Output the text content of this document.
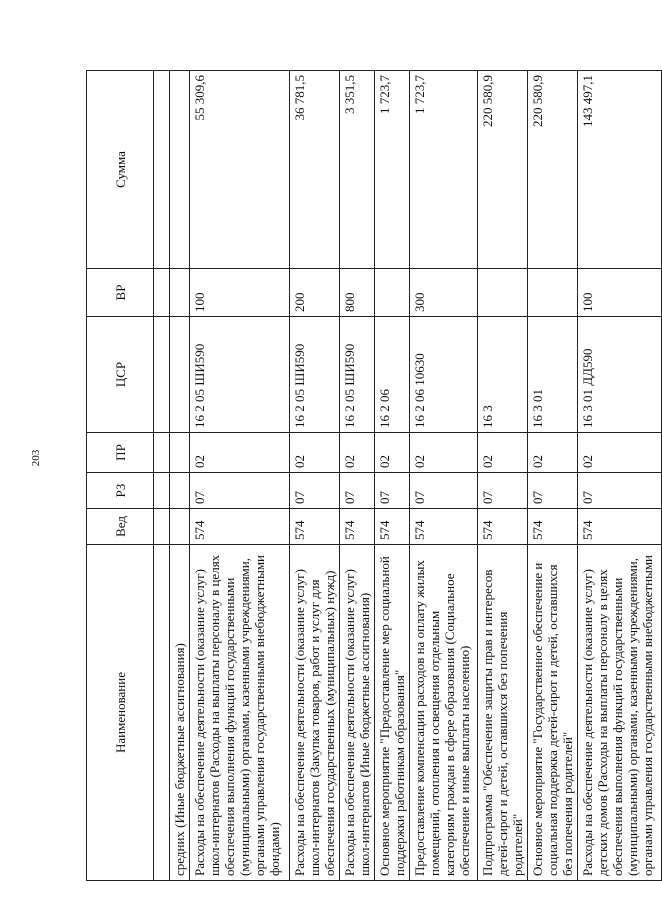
203
Наименование	Вед	РЗ	ПР	ЦСР	ВР	Сумма

средних (Иные бюджетные ассигнования)						
Расходы на обеспечение деятельности (оказание услуг) школ-интернатов (Расходы на выплаты персоналу в целях обеспечения выполнения функций государственными (муниципальными) органами, казенными учреждениями, органами управления государственными внебюджетными фондами)	574	07	02	16 2 05 ШИ590	100	55 309,6
Расходы на обеспечение деятельности (оказание услуг) школ-интернатов (Закупка товаров, работ и услуг для обеспечения государственных (муниципальных) нужд)	574	07	02	16 2 05 ШИ590	200	36 781,5
Расходы на обеспечение деятельности (оказание услуг) школ-интернатов (Иные бюджетные ассигнования)	574	07	02	16 2 05 ШИ590	800	3 351,5
Основное мероприятие "Предоставление мер социальной поддержки работникам образования"	574	07	02	16 2 06		1 723,7
Предоставление компенсации расходов на оплату жилых помещений, отопления и освещения отдельным категориям граждан в сфере образования (Социальное обеспечение и иные выплаты населению)	574	07	02	16 2 06 10630	300	1 723,7
Подпрограмма "Обеспечение защиты прав и интересов детей-сирот и детей, оставшихся без попечения родителей"	574	07	02	16 3		220 580,9
Основное мероприятие "Государственное обеспечение и социальная поддержка детей-сирот и детей, оставшихся без попечения родителей"	574	07	02	16 3 01		220 580,9
Расходы на обеспечение деятельности (оказание услуг) детских домов (Расходы на выплаты персоналу в целях обеспечения выполнения функций государственными (муниципальными) органами, казенными учреждениями, органами управления государственными внебюджетными	574	07	02	16 3 01 ДД590	100	143 497,1
